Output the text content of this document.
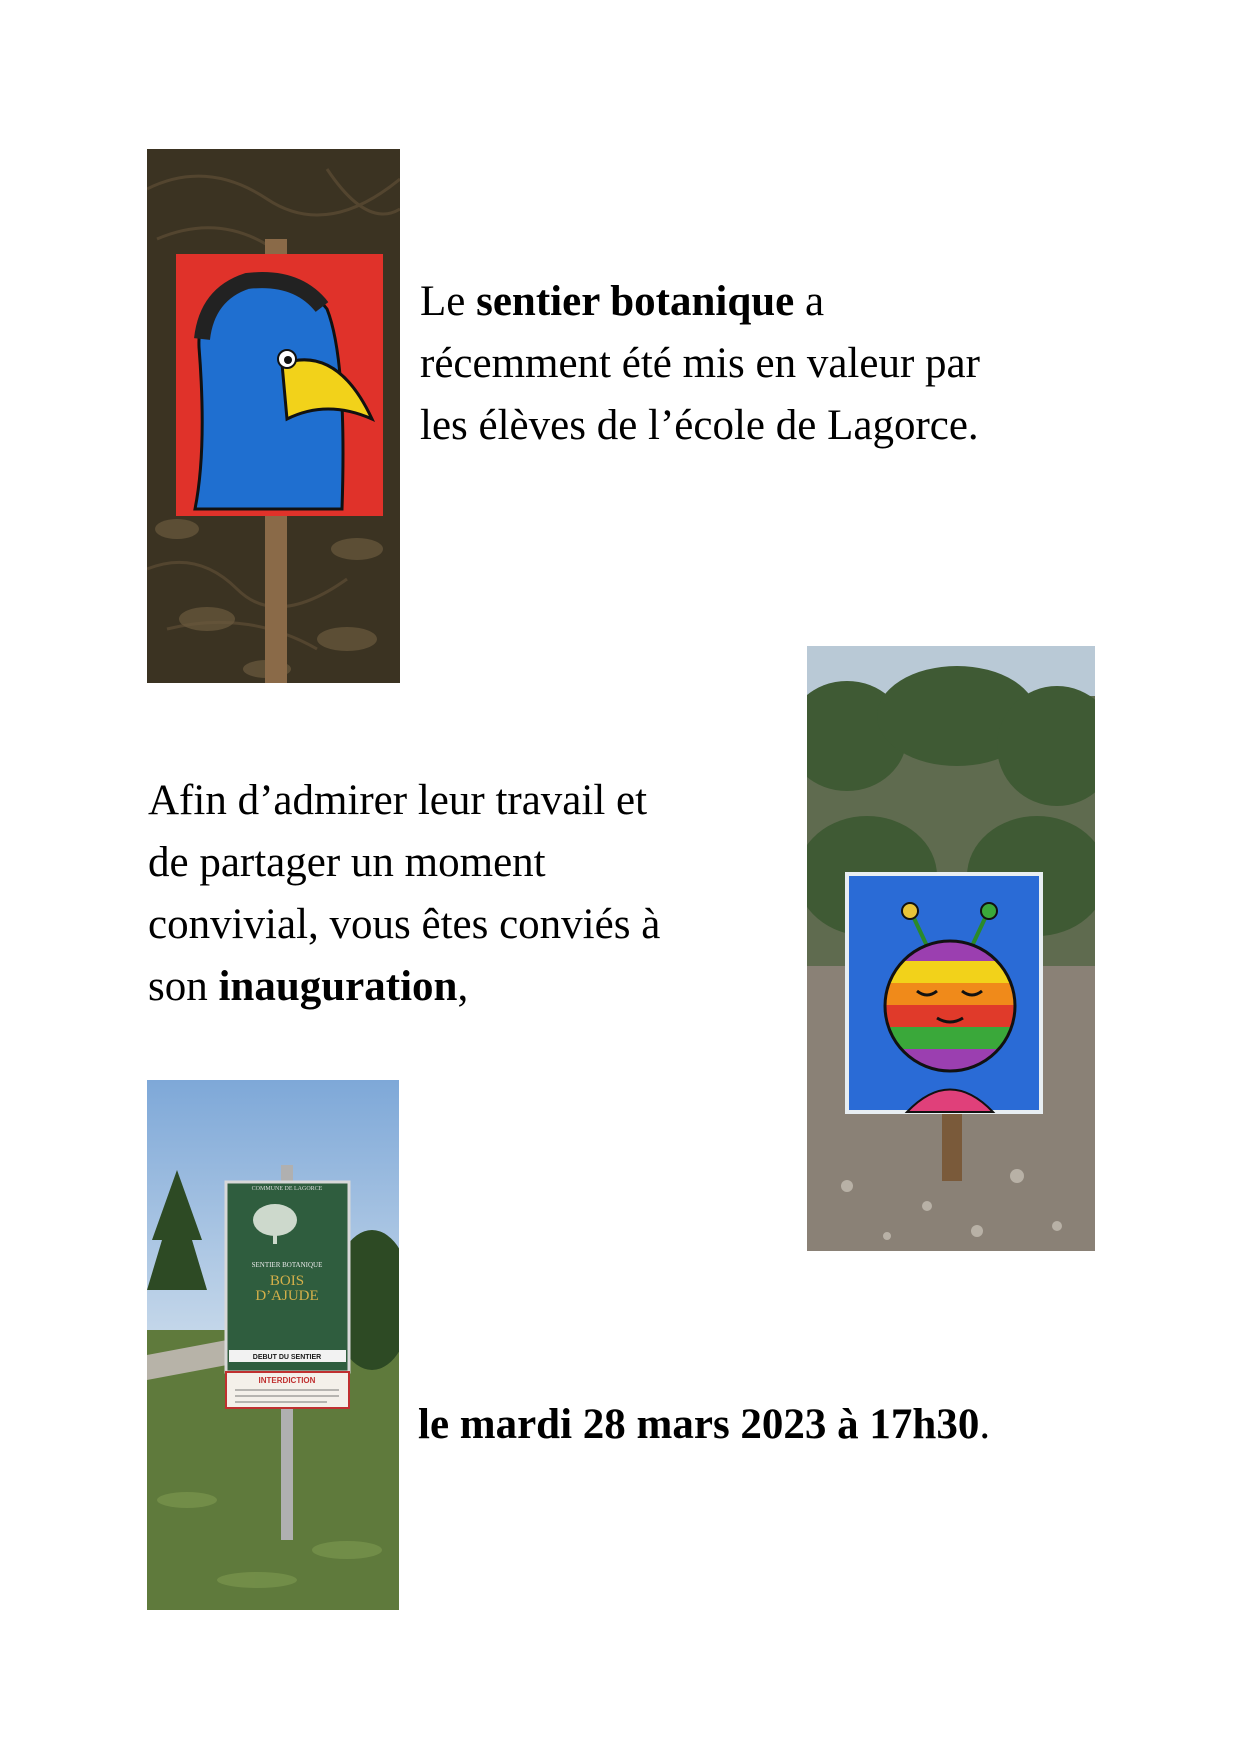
Le sentier botanique a
récemment été mis en valeur par
les élèves de l’école de Lagorce.

Afin d’admirer leur travail et
de partager un moment
convivial, vous êtes conviés à
son inauguration,

COMMUNE DE LAGORCE
SENTIER BOTANIQUE
BOIS
D’AJUDE
DEBUT DU SENTIER
INTERDICTION

le mardi 28 mars 2023 à 17h30.
